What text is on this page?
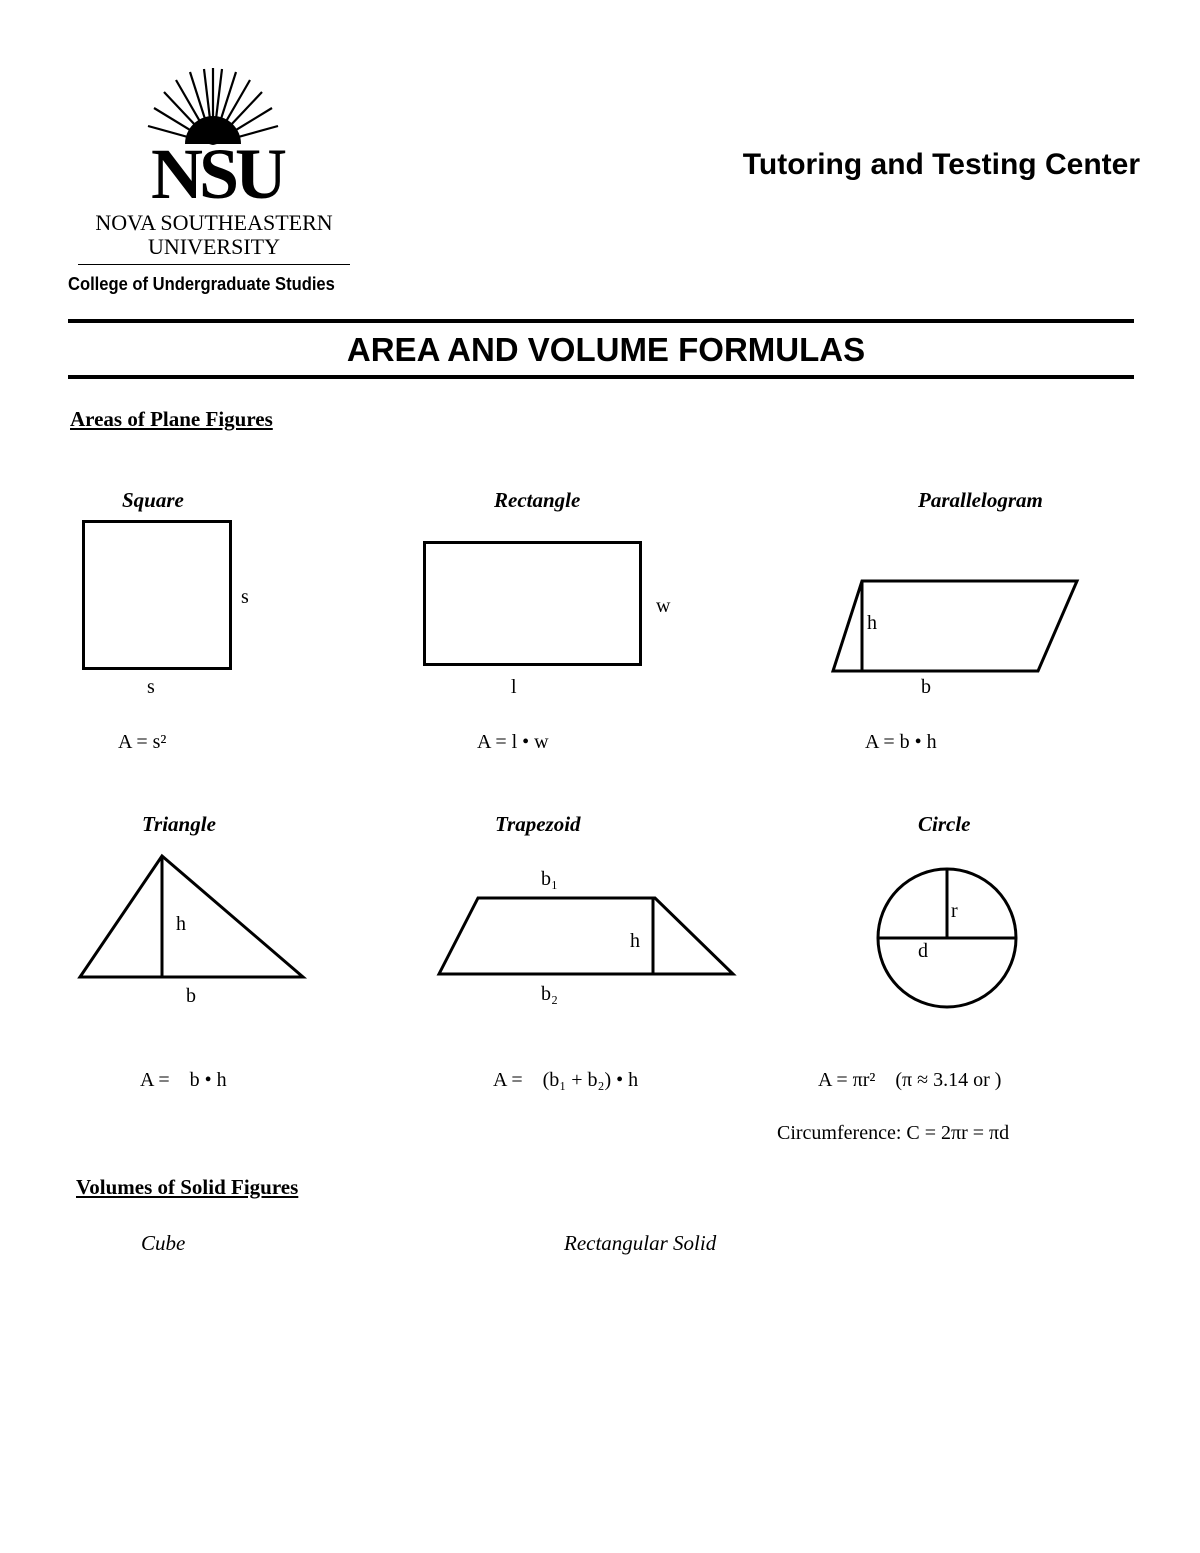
NSU
NOVA SOUTHEASTERN
UNIVERSITY
College of Undergraduate Studies
Tutoring and Testing Center
AREA AND VOLUME FORMULAS
Areas of Plane Figures
Square
s
s
A = s²
Rectangle
w
l
A = l • w
Parallelogram
h
b
A = b • h
Triangle
h
b
A =    b • h
Trapezoid
b₁
h
b₂
A =    (b₁ + b₂) • h
Circle
r
d
A = πr²    (π ≈ 3.14 or )
Circumference: C = 2πr = πd
Volumes of Solid Figures
Cube	Rectangular Solid
